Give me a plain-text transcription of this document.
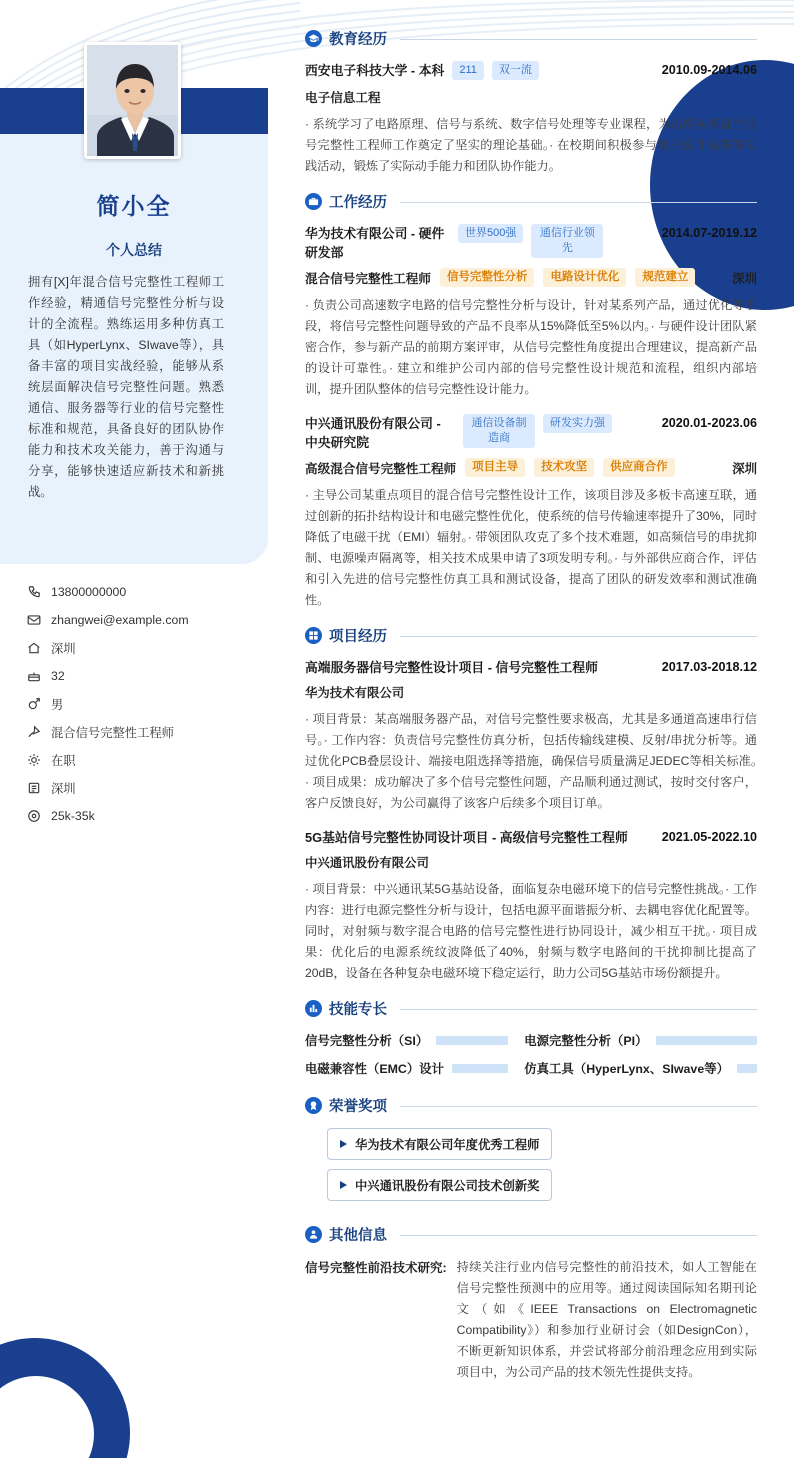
简小全
个人总结
拥有[X]年混合信号完整性工程师工作经验，精通信号完整性分析与设计的全流程。熟练运用多种仿真工具（如HyperLynx、SIwave等），具备丰富的项目实战经验，能够从系统层面解决信号完整性问题。熟悉通信、服务器等行业的信号完整性标准和规范，具备良好的团队协作能力和技术攻关能力，善于沟通与分享，能够快速适应新技术和新挑战。
13800000000
zhangwei@example.com
深圳
32
男
混合信号完整性工程师
在职
深圳
25k-35k
教育经历
西安电子科技大学 - 本科	211	双一流	2010.09-2014.06
电子信息工程
· 系统学习了电路原理、信号与系统、数字信号处理等专业课程，为后续从事混合信号完整性工程师工作奠定了坚实的理论基础。· 在校期间积极参与电子设计竞赛等实践活动，锻炼了实际动手能力和团队协作能力。
工作经历
华为技术有限公司 - 硬件研发部
世界500强	通信行业领先
2014.07-2019.12
混合信号完整性工程师	信号完整性分析	电路设计优化	规范建立	深圳
· 负责公司高速数字电路的信号完整性分析与设计，针对某系列产品，通过优化等手段，将信号完整性问题导致的产品不良率从15%降低至5%以内。· 与硬件设计团队紧密合作，参与新产品的前期方案评审，从信号完整性角度提出合理建议，提高新产品的设计可靠性。· 建立和维护公司内部的信号完整性设计规范和流程，组织内部培训，提升团队整体的信号完整性设计能力。
中兴通讯股份有限公司 - 中央研究院
通信设备制造商
研发实力强	2020.01-2023.06
高级混合信号完整性工程师	项目主导	技术攻坚	供应商合作	深圳
· 主导公司某重点项目的混合信号完整性设计工作，该项目涉及多板卡高速互联，通过创新的拓扑结构设计和电磁完整性优化，使系统的信号传输速率提升了30%，同时降低了电磁干扰（EMI）辐射。· 带领团队攻克了多个技术难题，如高频信号的串扰抑制、电源噪声隔离等，相关技术成果申请了3项发明专利。· 与外部供应商合作，评估和引入先进的信号完整性仿真工具和测试设备，提高了团队的研发效率和测试准确性。
项目经历
高端服务器信号完整性设计项目 - 信号完整性工程师	2017.03-2018.12
华为技术有限公司
· 项目背景：某高端服务器产品，对信号完整性要求极高，尤其是多通道高速串行信号。· 工作内容：负责信号完整性仿真分析，包括传输线建模、反射/串扰分析等。通过优化PCB叠层设计、端接电阻选择等措施，确保信号质量满足JEDEC等相关标准。· 项目成果：成功解决了多个信号完整性问题，产品顺利通过测试，按时交付客户，客户反馈良好，为公司赢得了该客户后续多个项目订单。
5G基站信号完整性协同设计项目 - 高级信号完整性工程师	2021.05-2022.10
中兴通讯股份有限公司
· 项目背景：中兴通讯某5G基站设备，面临复杂电磁环境下的信号完整性挑战。· 工作内容：进行电源完整性分析与设计，包括电源平面谐振分析、去耦电容优化配置等。同时，对射频与数字混合电路的信号完整性进行协同设计，减少相互干扰。· 项目成果：优化后的电源系统纹波降低了40%，射频与数字电路间的干扰抑制比提高了20dB，设备在各种复杂电磁环境下稳定运行，助力公司5G基站市场份额提升。
技能专长
信号完整性分析（SI）	电源完整性分析（PI）
电磁兼容性（EMC）设计	仿真工具（HyperLynx、SIwave等）
荣誉奖项
华为技术有限公司年度优秀工程师

中兴通讯股份有限公司技术创新奖
其他信息
信号完整性前沿技术研究: 持续关注行业内信号完整性的前沿技术，如人工智能在信号完整性预测中的应用等。通过阅读国际知名期刊论文（如《IEEE Transactions on Electromagnetic Compatibility》）和参加行业研讨会（如DesignCon），不断更新知识体系，并尝试将部分前沿理念应用到实际项目中，为公司产品的技术领先性提供支持。
